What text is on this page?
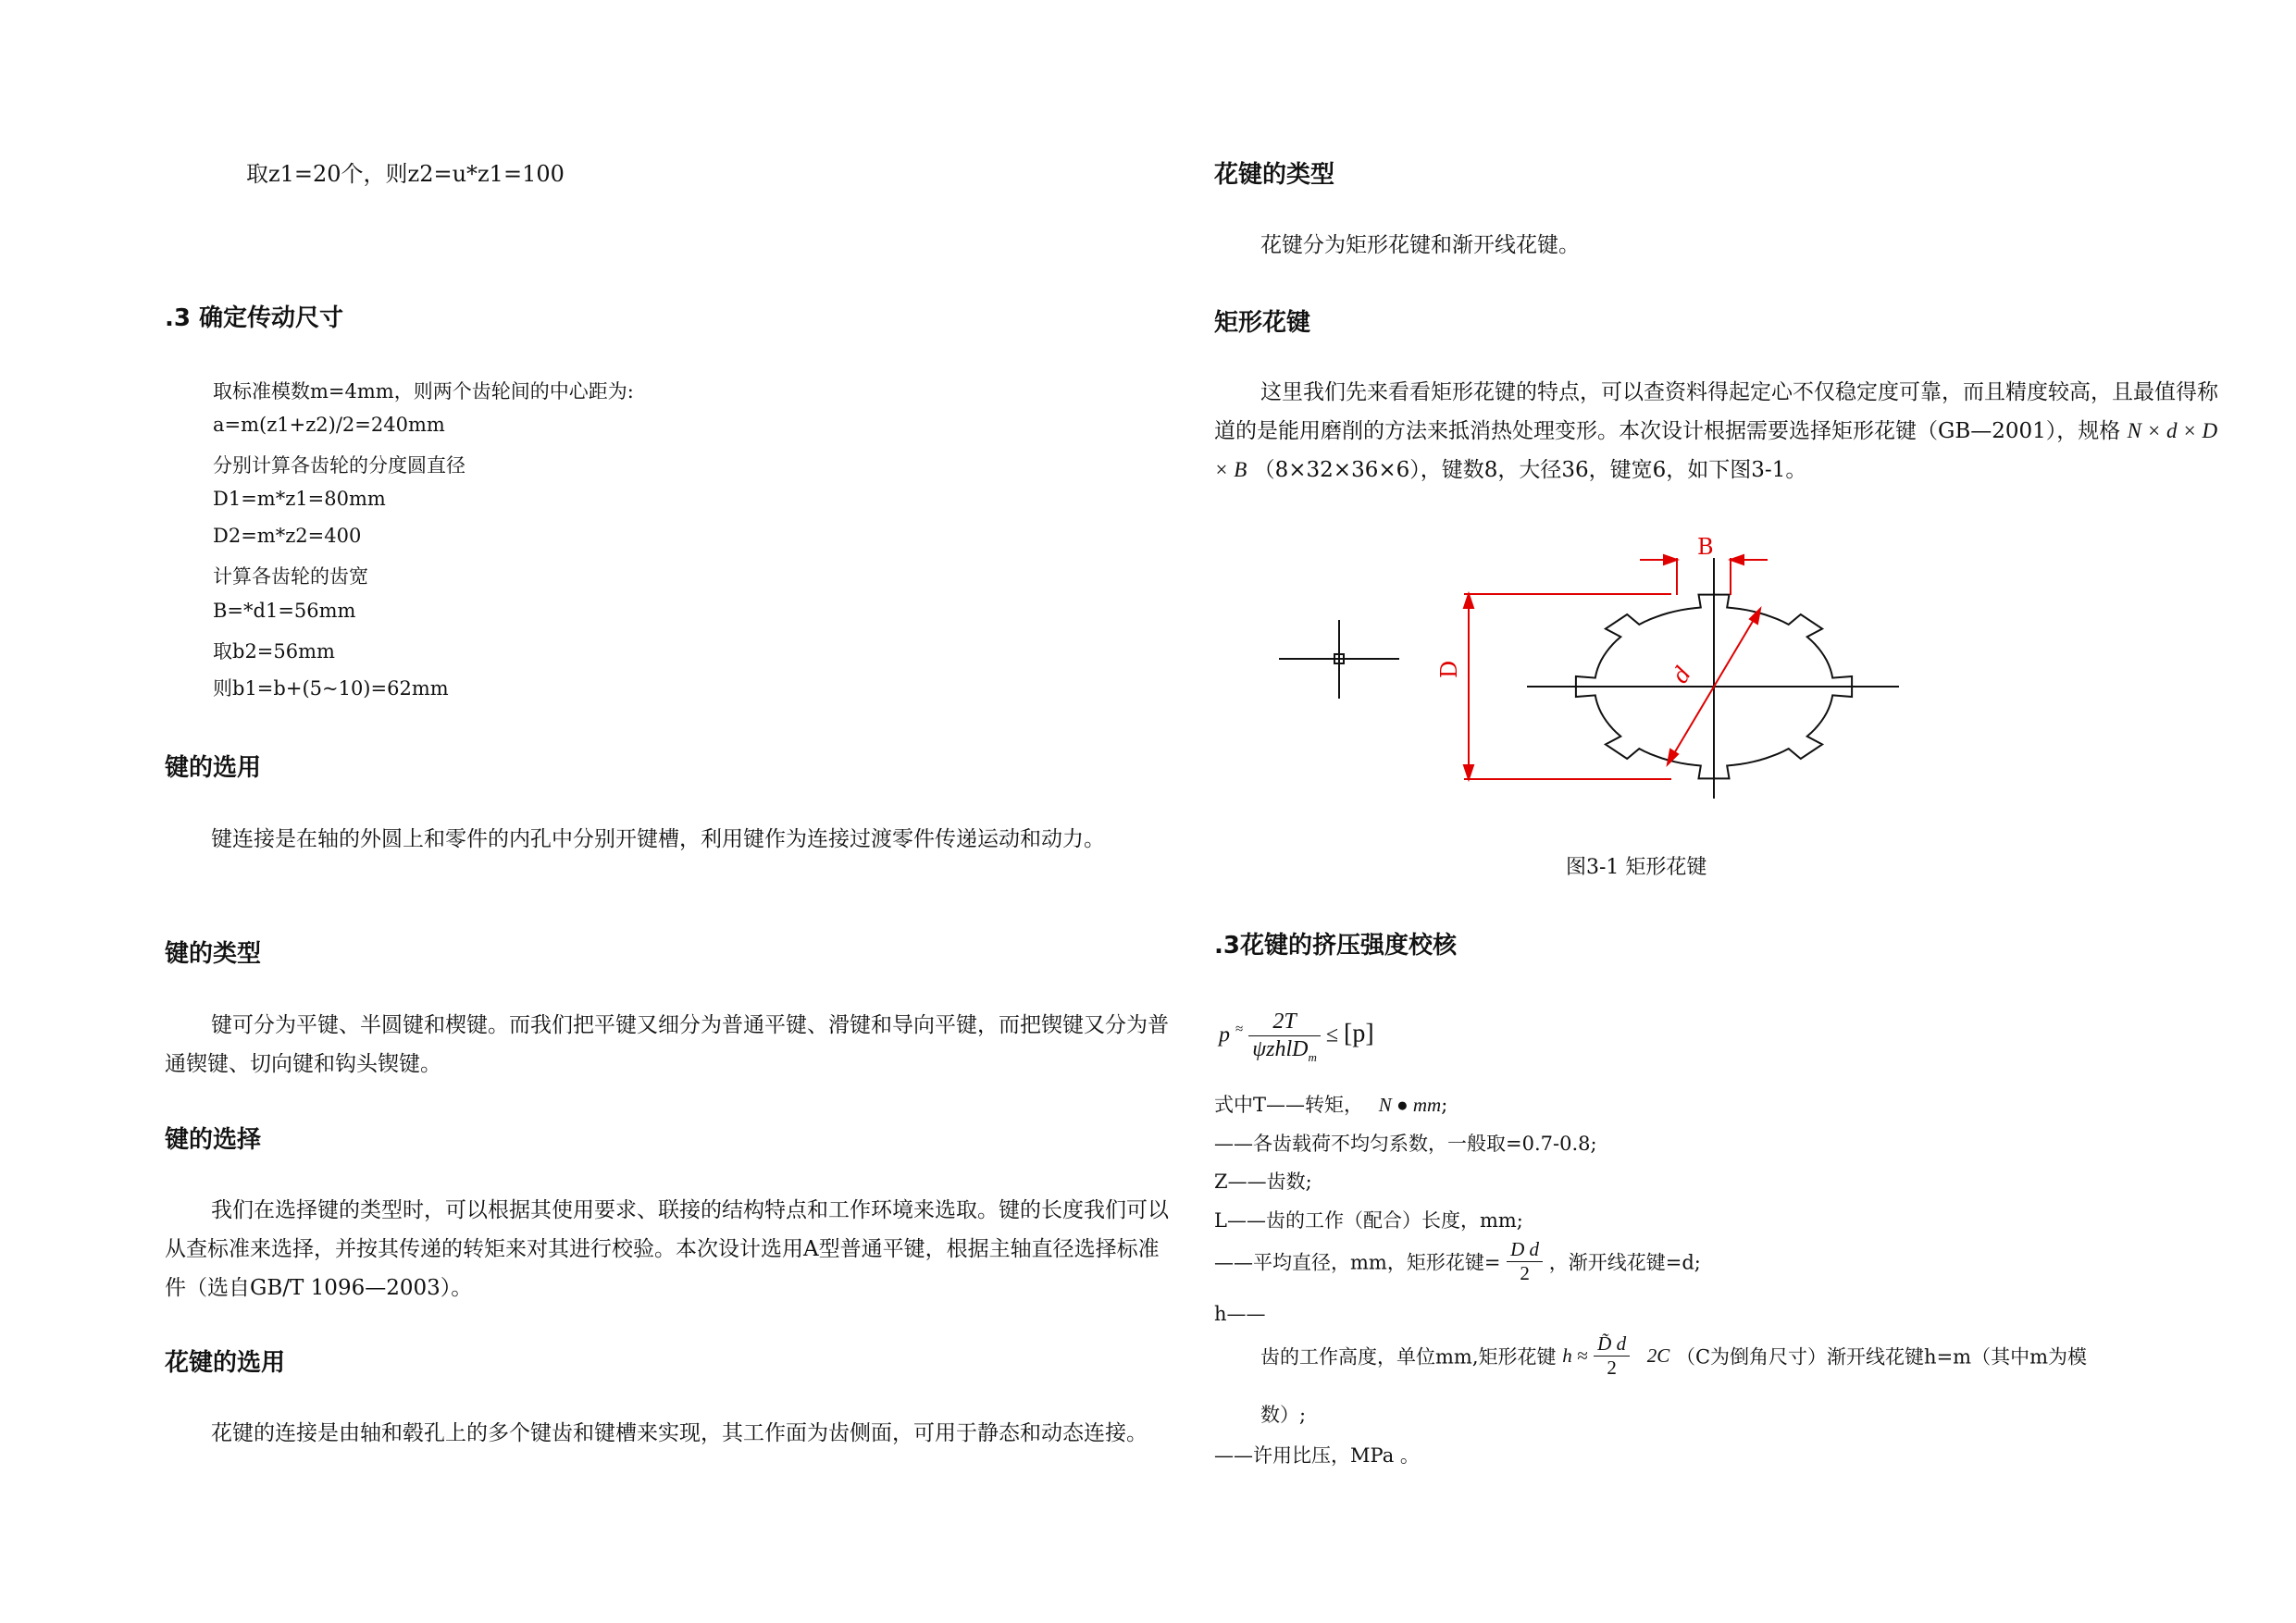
取z1=20个，则z2=u*z1=100
.3 确定传动尺寸
取标准模数m=4mm，则两个齿轮间的中心距为:
a=m(z1+z2)/2=240mm
分别计算各齿轮的分度圆直径
D1=m*z1=80mm
D2=m*z2=400
计算各齿轮的齿宽
B=*d1=56mm
取b2=56mm
则b1=b+(5~10)=62mm
键的选用
键连接是在轴的外圆上和零件的内孔中分别开键槽，利用键作为连接过渡零件传递运动和动力。
键的类型
键可分为平键、半圆键和楔键。而我们把平键又细分为普通平键、滑键和导向平键，而把锲键又分为普通锲键、切向键和钩头锲键。
键的选择
我们在选择键的类型时，可以根据其使用要求、联接的结构特点和工作环境来选取。键的长度我们可以从查标准来选择，并按其传递的转矩来对其进行校验。本次设计选用A型普通平键，根据主轴直径选择标准件（选自GB/T 1096—2003）。
花键的选用
花键的连接是由轴和毂孔上的多个键齿和键槽来实现，其工作面为齿侧面，可用于静态和动态连接。
花键的类型
花键分为矩形花键和渐开线花键。
矩形花键
这里我们先来看看矩形花键的特点，可以查资料得起定心不仅稳定度可靠，而且精度较高，且最值得称道的是能用磨削的方法来抵消热处理变形。本次设计根据需要选择矩形花键（GB—2001），规格 N × d × D × B （8×32×36×6），键数8，大径36，键宽6，如下图3-1。
B
D	d
图3-1 矩形花键
.3花键的挤压强度校核
p $^\approx \frac{2T}{\psi zhlD_m} \le [p]$
式中T——转矩， N ● mm;
——各齿载荷不均匀系数，一般取=0.7-0.8;
Z——齿数;
L——齿的工作（配合）长度，mm;
——平均直径，mm，矩形花键= $\frac{\text{D d}}{2}$ ，渐开线花键=d;
h——
齿的工作高度，单位mm,矩形花键 $h \approx \frac{D̃ d}{2} 2C$ （C为倒角尺寸）渐开线花键h=m（其中m为模
数）;
——许用比压，MPa 。
